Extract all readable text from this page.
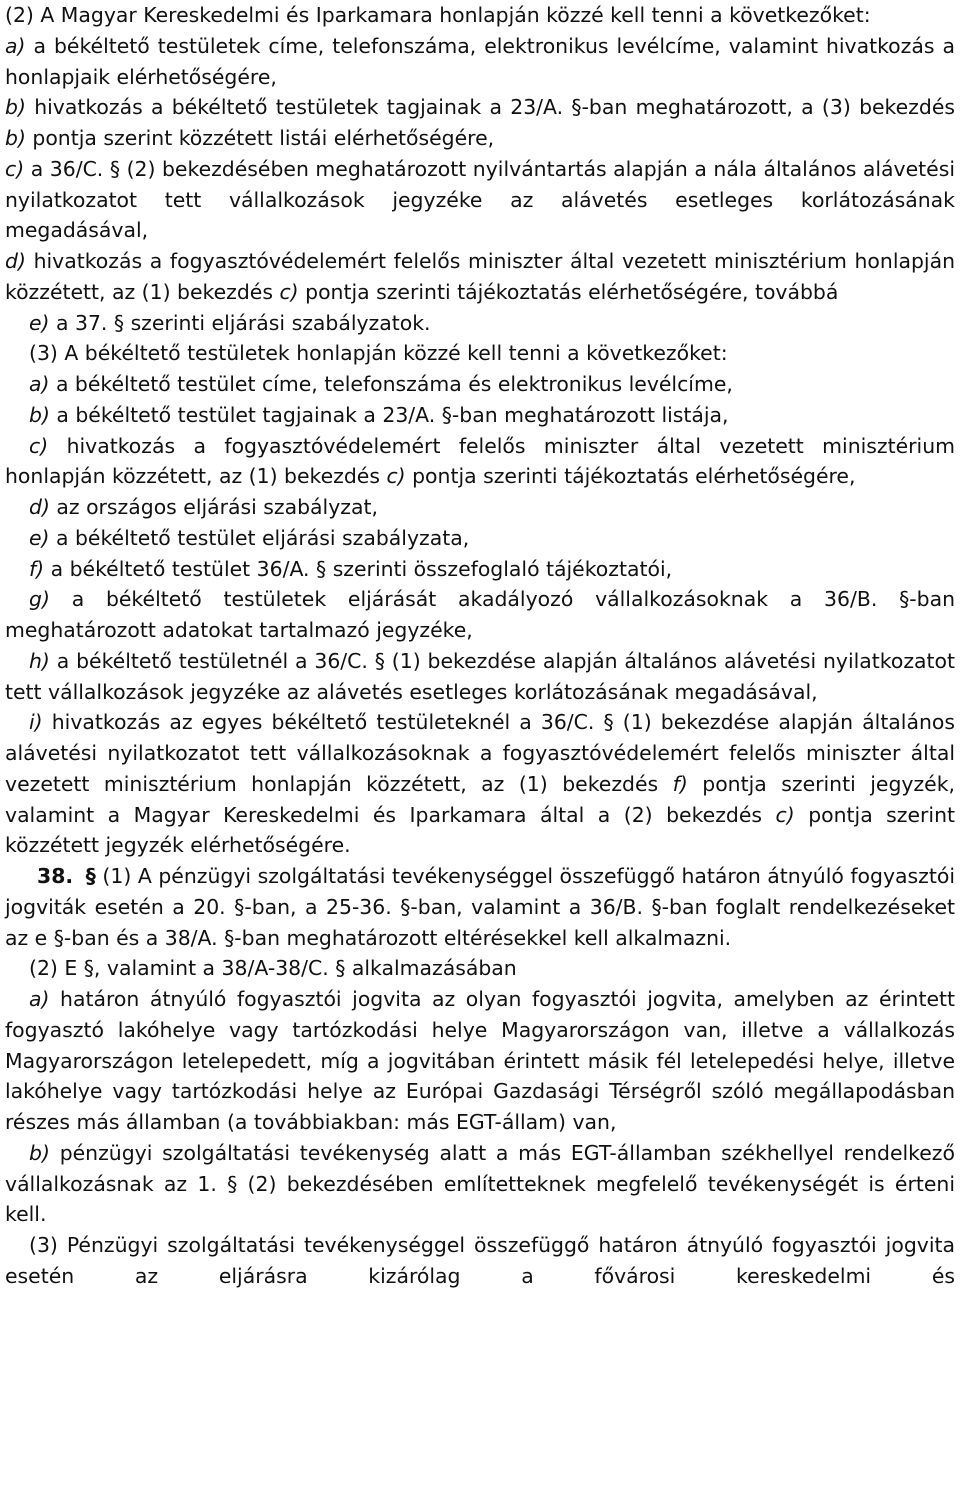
(2) A Magyar Kereskedelmi és Iparkamara honlapján közzé kell tenni a következőket:

a) a békéltető testületek címe, telefonszáma, elektronikus levélcíme, valamint hivatkozás a honlapjaik elérhetőségére,

b) hivatkozás a békéltető testületek tagjainak a 23/A. §-ban meghatározott, a (3) bekezdés b) pontja szerint közzétett listái elérhetőségére,

c) a 36/C. § (2) bekezdésében meghatározott nyilvántartás alapján a nála általános alávetési nyilatkozatot tett vállalkozások jegyzéke az alávetés esetleges korlátozásának megadásával,

d) hivatkozás a fogyasztóvédelemért felelős miniszter által vezetett minisztérium honlapján közzétett, az (1) bekezdés c) pontja szerinti tájékoztatás elérhetőségére, továbbá

e) a 37. § szerinti eljárási szabályzatok.

(3) A békéltető testületek honlapján közzé kell tenni a következőket:

a) a békéltető testület címe, telefonszáma és elektronikus levélcíme,

b) a békéltető testület tagjainak a 23/A. §-ban meghatározott listája,

c) hivatkozás a fogyasztóvédelemért felelős miniszter által vezetett minisztérium honlapján közzétett, az (1) bekezdés c) pontja szerinti tájékoztatás elérhetőségére,

d) az országos eljárási szabályzat,

e) a békéltető testület eljárási szabályzata,

f) a békéltető testület 36/A. § szerinti összefoglaló tájékoztatói,

g) a békéltető testületek eljárását akadályozó vállalkozásoknak a 36/B. §-ban meghatározott adatokat tartalmazó jegyzéke,

h) a békéltető testületnél a 36/C. § (1) bekezdése alapján általános alávetési nyilatkozatot tett vállalkozások jegyzéke az alávetés esetleges korlátozásának megadásával,

i) hivatkozás az egyes békéltető testületeknél a 36/C. § (1) bekezdése alapján általános alávetési nyilatkozatot tett vállalkozásoknak a fogyasztóvédelemért felelős miniszter által vezetett minisztérium honlapján közzétett, az (1) bekezdés f) pontja szerinti jegyzék, valamint a Magyar Kereskedelmi és Iparkamara által a (2) bekezdés c) pontja szerint közzétett jegyzék elérhetőségére.

38. § (1) A pénzügyi szolgáltatási tevékenységgel összefüggő határon átnyúló fogyasztói jogviták esetén a 20. §-ban, a 25-36. §-ban, valamint a 36/B. §-ban foglalt rendelkezéseket az e §-ban és a 38/A. §-ban meghatározott eltérésekkel kell alkalmazni.

(2) E §, valamint a 38/A-38/C. § alkalmazásában

a) határon átnyúló fogyasztói jogvita az olyan fogyasztói jogvita, amelyben az érintett fogyasztó lakóhelye vagy tartózkodási helye Magyarországon van, illetve a vállalkozás Magyarországon letelepedett, míg a jogvitában érintett másik fél letelepedési helye, illetve lakóhelye vagy tartózkodási helye az Európai Gazdasági Térségről szóló megállapodásban részes más államban (a továbbiakban: más EGT-állam) van,

b) pénzügyi szolgáltatási tevékenység alatt a más EGT-államban székhellyel rendelkező vállalkozásnak az 1. § (2) bekezdésében említetteknek megfelelő tevékenységét is érteni kell.

(3) Pénzügyi szolgáltatási tevékenységgel összefüggő határon átnyúló fogyasztói jogvita esetén az eljárásra kizárólag a fővárosi kereskedelmi és
